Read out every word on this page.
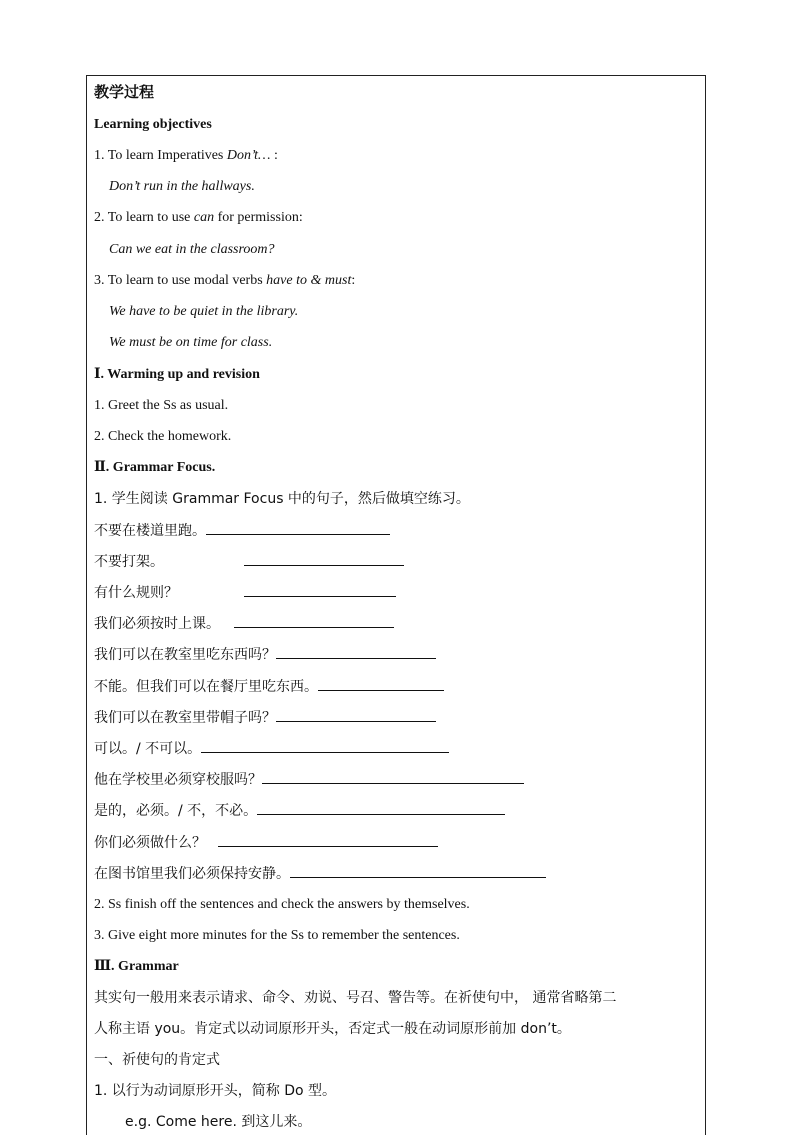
教学过程
Learning objectives
1. To learn Imperatives Don’t… :
Don’t run in the hallways.
2. To learn to use can for permission:
Can we eat in the classroom?
3. To learn to use modal verbs have to & must:
We have to be quiet in the library.
We must be on time for class.
Ⅰ. Warming up and revision
1. Greet the Ss as usual.
2. Check the homework.
Ⅱ. Grammar Focus.
1. 学生阅读 Grammar Focus 中的句子，然后做填空练习。
不要在楼道里跑。
不要打架。
有什么规则？
我们必须按时上课。
我们可以在教室里吃东西吗？
不能。但我们可以在餐厅里吃东西。
我们可以在教室里带帽子吗？
可以。/ 不可以。
他在学校里必须穿校服吗？
是的，必须。/ 不，不必。
你们必须做什么？
在图书馆里我们必须保持安静。
2. Ss finish off the sentences and check the answers by themselves.
3. Give eight more minutes for the Ss to remember the sentences.
Ⅲ. Grammar
其实句一般用来表示请求、命令、劝说、号召、警告等。在祈使句中， 通常省略第二
人称主语 you。肯定式以动词原形开头，否定式一般在动词原形前加 don’t。
一、祈使句的肯定式
1. 以行为动词原形开头，简称 Do 型。
e.g. Come here. 到这儿来。
